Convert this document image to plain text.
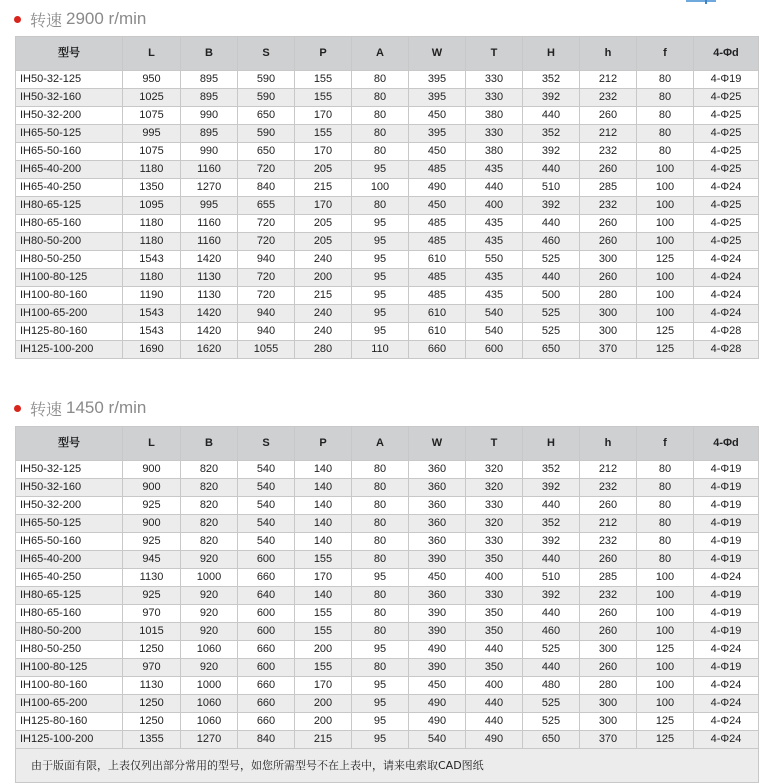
转速 2900 r/min
型号	L	B	S	P	A	W	T	H	h	f	4-Φd
IH50-32-125	950	895	590	155	80	395	330	352	212	80	4-Φ19
IH50-32-160	1025	895	590	155	80	395	330	392	232	80	4-Φ25
IH50-32-200	1075	990	650	170	80	450	380	440	260	80	4-Φ25
IH65-50-125	995	895	590	155	80	395	330	352	212	80	4-Φ25
IH65-50-160	1075	990	650	170	80	450	380	392	232	80	4-Φ25
IH65-40-200	1180	1160	720	205	95	485	435	440	260	100	4-Φ25
IH65-40-250	1350	1270	840	215	100	490	440	510	285	100	4-Φ24
IH80-65-125	1095	995	655	170	80	450	400	392	232	100	4-Φ25
IH80-65-160	1180	1160	720	205	95	485	435	440	260	100	4-Φ25
IH80-50-200	1180	1160	720	205	95	485	435	460	260	100	4-Φ25
IH80-50-250	1543	1420	940	240	95	610	550	525	300	125	4-Φ24
IH100-80-125	1180	1130	720	200	95	485	435	440	260	100	4-Φ24
IH100-80-160	1190	1130	720	215	95	485	435	500	280	100	4-Φ24
IH100-65-200	1543	1420	940	240	95	610	540	525	300	100	4-Φ24
IH125-80-160	1543	1420	940	240	95	610	540	525	300	125	4-Φ28
IH125-100-200	1690	1620	1055	280	110	660	600	650	370	125	4-Φ28
转速 1450 r/min
型号	L	B	S	P	A	W	T	H	h	f	4-Φd
IH50-32-125	900	820	540	140	80	360	320	352	212	80	4-Φ19
IH50-32-160	900	820	540	140	80	360	320	392	232	80	4-Φ19
IH50-32-200	925	820	540	140	80	360	330	440	260	80	4-Φ19
IH65-50-125	900	820	540	140	80	360	320	352	212	80	4-Φ19
IH65-50-160	925	820	540	140	80	360	330	392	232	80	4-Φ19
IH65-40-200	945	920	600	155	80	390	350	440	260	80	4-Φ19
IH65-40-250	1130	1000	660	170	95	450	400	510	285	100	4-Φ24
IH80-65-125	925	920	640	140	80	360	330	392	232	100	4-Φ19
IH80-65-160	970	920	600	155	80	390	350	440	260	100	4-Φ19
IH80-50-200	1015	920	600	155	80	390	350	460	260	100	4-Φ19
IH80-50-250	1250	1060	660	200	95	490	440	525	300	125	4-Φ24
IH100-80-125	970	920	600	155	80	390	350	440	260	100	4-Φ19
IH100-80-160	1130	1000	660	170	95	450	400	480	280	100	4-Φ24
IH100-65-200	1250	1060	660	200	95	490	440	525	300	100	4-Φ24
IH125-80-160	1250	1060	660	200	95	490	440	525	300	125	4-Φ24
IH125-100-200	1355	1270	840	215	95	540	490	650	370	125	4-Φ24
由于版面有限，上表仅列出部分常用的型号，如您所需型号不在上表中，请来电索取CAD图纸											
